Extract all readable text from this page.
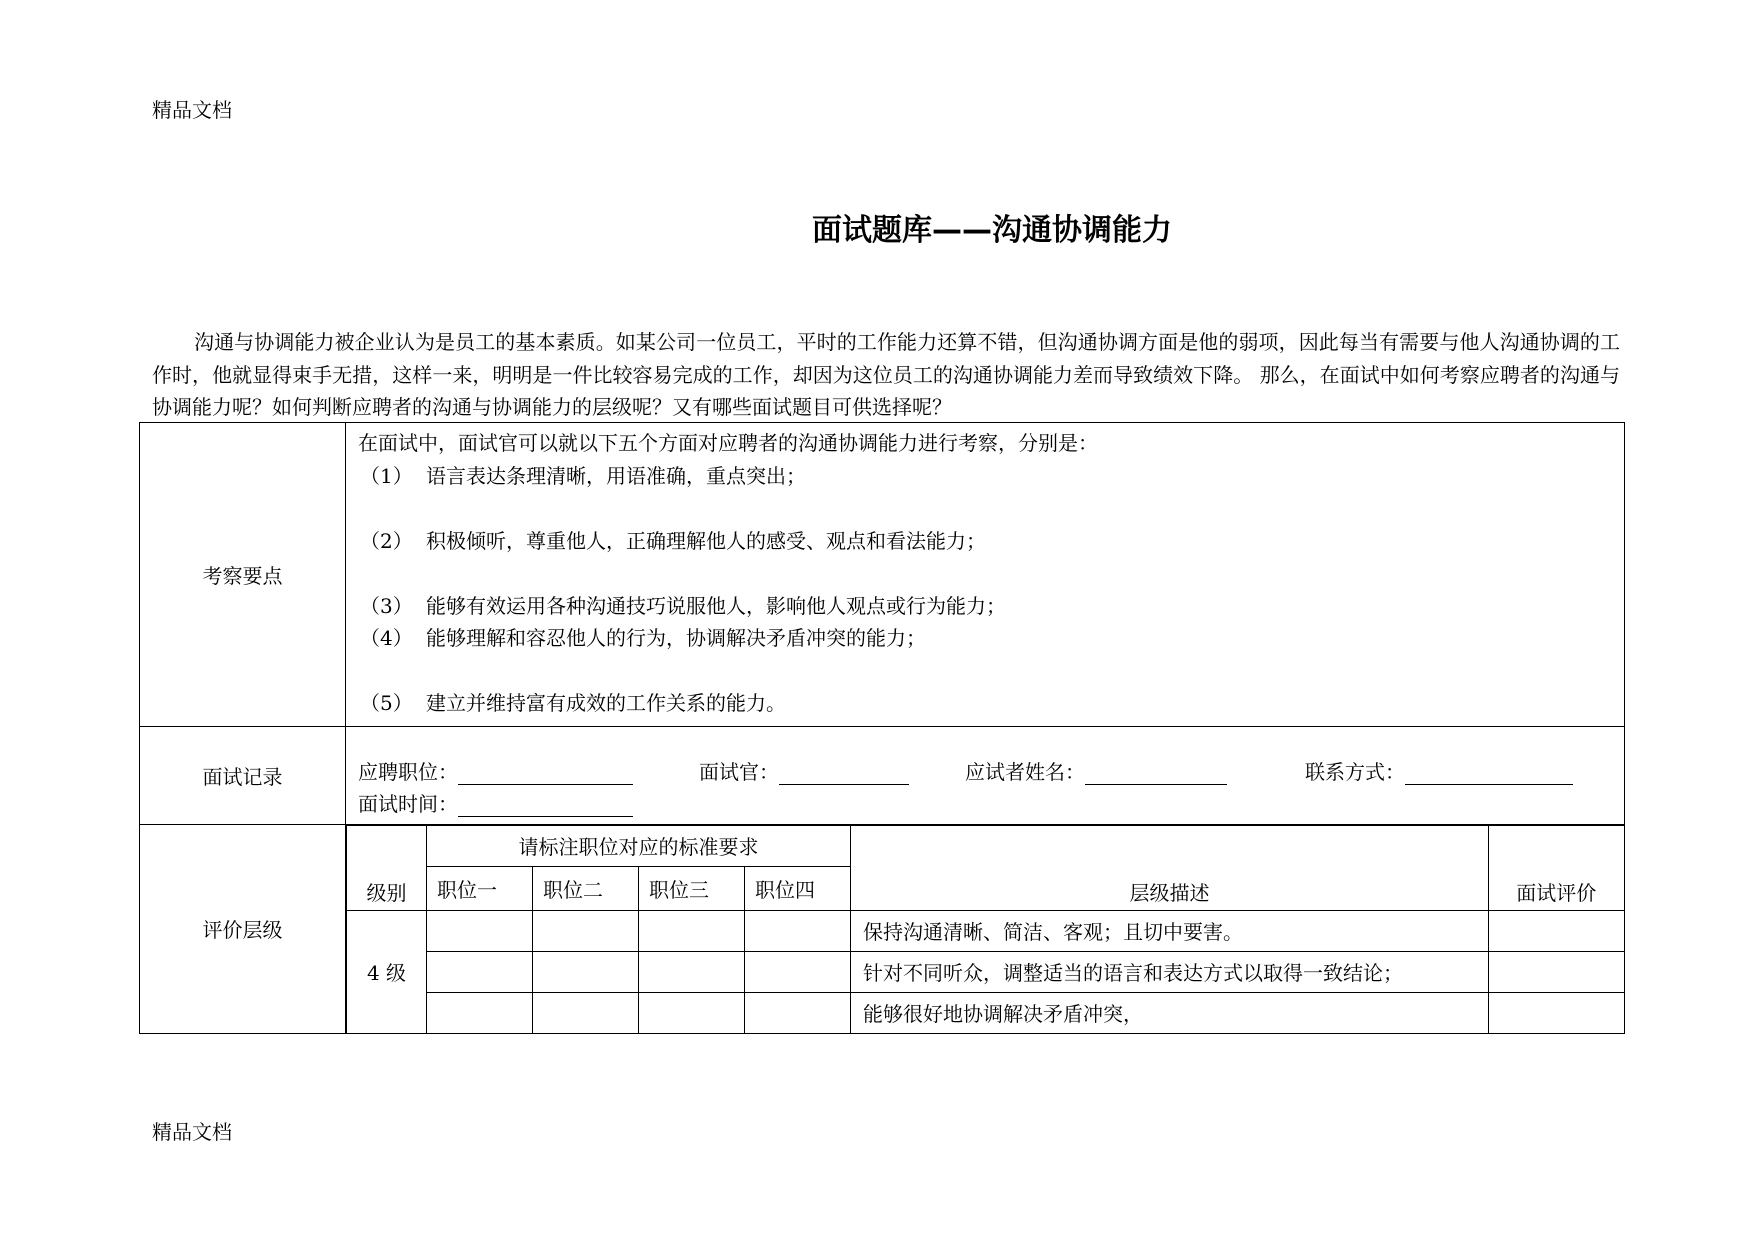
精品文档
面试题库——沟通协调能力

沟通与协调能力被企业认为是员工的基本素质。如某公司一位员工，平时的工作能力还算不错，但沟通协调方面是他的弱项，因此每当有需要与他人沟通协调的工作时，他就显得束手无措，这样一来，明明是一件比较容易完成的工作，却因为这位员工的沟通协调能力差而导致绩效下降。 那么，在面试中如何考察应聘者的沟通与协调能力呢？如何判断应聘者的沟通与协调能力的层级呢？又有哪些面试题目可供选择呢？

考察要点	
在面试中，面试官可以就以下五个方面对应聘者的沟通协调能力进行考察，分别是：
（1） 语言表达条理清晰，用语准确，重点突出；
（2） 积极倾听，尊重他人，正确理解他人的感受、观点和看法能力；
（3） 能够有效运用各种沟通技巧说服他人，影响他人观点或行为能力；
（4） 能够理解和容忍他人的行为，协调解决矛盾冲突的能力；
（5） 建立并维持富有成效的工作关系的能力。

面试记录	应聘职位：	面试官：	应试者姓名：	联系方式：
面试时间：

评价层级	
级别	请标注职位对应的标准要求	层级描述	面试评价
职位一	职位二	职位三	职位四
4 级					保持沟通清晰、简洁、客观；且切中要害。	
				针对不同听众，调整适当的语言和表达方式以取得一致结论；	
				能够很好地协调解决矛盾冲突，	
精品文档
